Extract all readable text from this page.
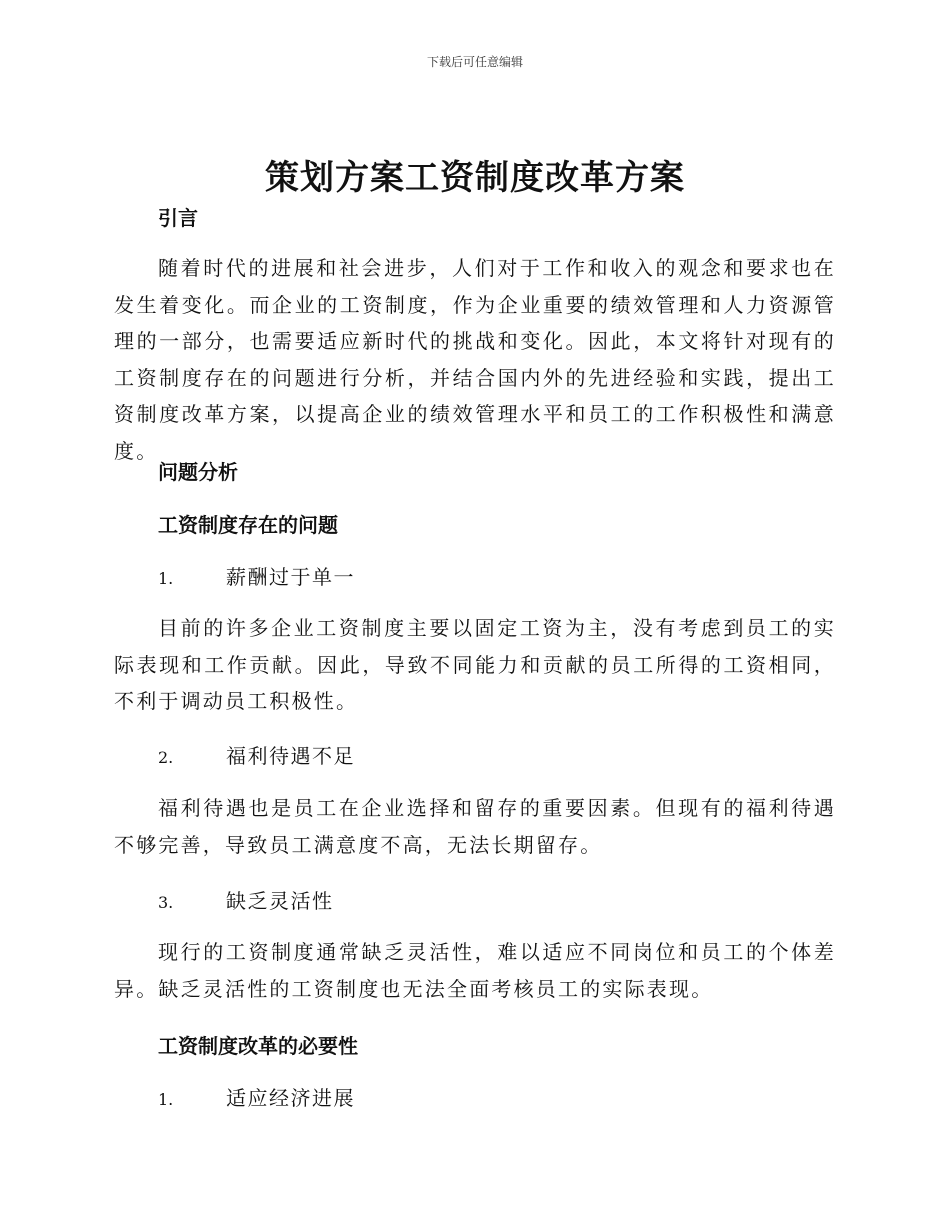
下载后可任意编辑
策划方案工资制度改革方案
引言
随着时代的进展和社会进步，人们对于工作和收入的观念和要求也在发生着变化。而企业的工资制度，作为企业重要的绩效管理和人力资源管理的一部分，也需要适应新时代的挑战和变化。因此，本文将针对现有的工资制度存在的问题进行分析，并结合国内外的先进经验和实践，提出工资制度改革方案，以提高企业的绩效管理水平和员工的工作积极性和满意度。
问题分析
工资制度存在的问题
1.	薪酬过于单一
目前的许多企业工资制度主要以固定工资为主，没有考虑到员工的实际表现和工作贡献。因此，导致不同能力和贡献的员工所得的工资相同，不利于调动员工积极性。
2.	福利待遇不足
福利待遇也是员工在企业选择和留存的重要因素。但现有的福利待遇不够完善，导致员工满意度不高，无法长期留存。
3.	缺乏灵活性
现行的工资制度通常缺乏灵活性，难以适应不同岗位和员工的个体差异。缺乏灵活性的工资制度也无法全面考核员工的实际表现。
工资制度改革的必要性
1.	适应经济进展
